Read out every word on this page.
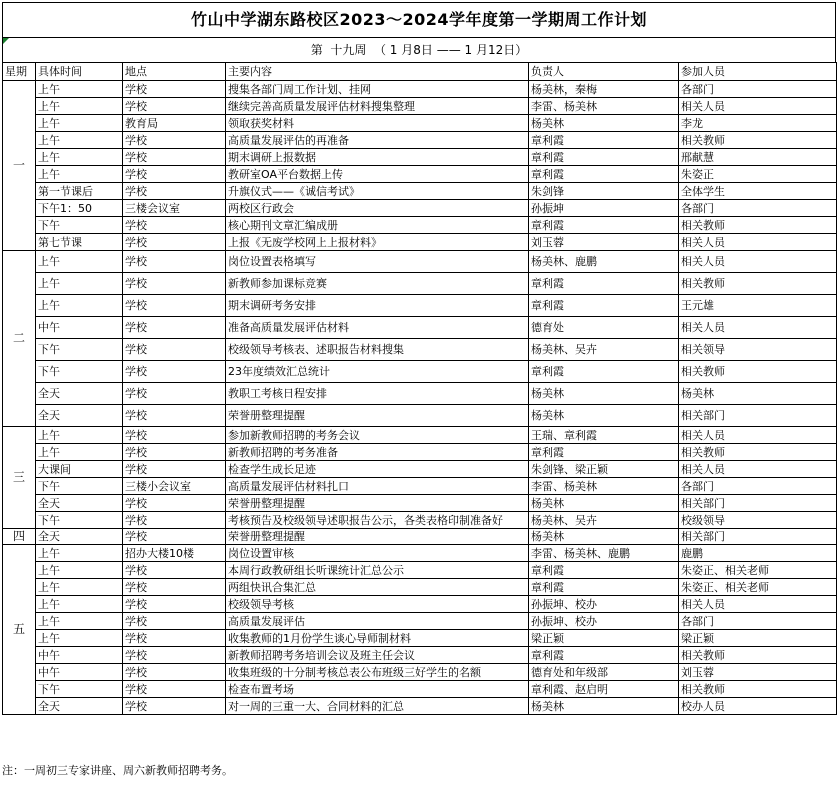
竹山中学湖东路校区2023～2024学年度第一学期周工作计划
第  十九周  （ 1 月8日 —— 1 月12日）
星期	具体时间	地点	主要内容	负责人	参加人员
一	上午	学校	搜集各部门周工作计划、挂网	杨美林，秦梅	各部门
	上午	学校	继续完善高质量发展评估材料搜集整理	李雷、杨美林	相关人员
	上午	教育局	领取获奖材料	杨美林	李龙
	上午	学校	高质量发展评估的再准备	章利霞	相关教师
	上午	学校	期末调研上报数据	章利霞	邢献慧
	上午	学校	教研室OA平台数据上传	章利霞	朱姿正
	第一节课后	学校	升旗仪式——《诚信考试》	朱剑锋	全体学生
	下午1：50	三楼会议室	两校区行政会	孙振坤	各部门
	下午	学校	核心期刊文章汇编成册	章利霞	相关教师
	第七节课	学校	上报《无废学校网上上报材料》	刘玉蓉	相关人员
二	上午	学校	岗位设置表格填写	杨美林、鹿鹏	相关人员
	上午	学校	新教师参加课标竞赛	章利霞	相关教师
	上午	学校	期末调研考务安排	章利霞	王元雄
	中午	学校	准备高质量发展评估材料	德育处	相关人员
	下午	学校	校级领导考核表、述职报告材料搜集	杨美林、吴卉	相关领导
	下午	学校	23年度绩效汇总统计	章利霞	相关教师
	全天	学校	教职工考核日程安排	杨美林	杨美林
	全天	学校	荣誉册整理提醒	杨美林	相关部门
三	上午	学校	参加新教师招聘的考务会议	王瑞、章利霞	相关人员
	上午	学校	新教师招聘的考务准备	章利霞	相关教师
	大课间	学校	检查学生成长足迹	朱剑锋、梁正颖	相关人员
	下午	三楼小会议室	高质量发展评估材料扎口	李雷、杨美林	各部门
	全天	学校	荣誉册整理提醒	杨美林	相关部门
	下午	学校	考核预告及校级领导述职报告公示，各类表格印制准备好	杨美林、吴卉	校级领导
四	全天	学校	荣誉册整理提醒	杨美林	相关部门
五	上午	招办大楼10楼	岗位设置审核	李雷、杨美林、鹿鹏	鹿鹏
	上午	学校	本周行政教研组长听课统计汇总公示	章利霞	朱姿正、相关老师
	上午	学校	两组快讯合集汇总	章利霞	朱姿正、相关老师
	上午	学校	校级领导考核	孙振坤、校办	相关人员
	上午	学校	高质量发展评估	孙振坤、校办	各部门
	上午	学校	收集教师的1月份学生谈心导师制材料	梁正颖	梁正颖
	中午	学校	新教师招聘考务培训会议及班主任会议	章利霞	相关教师
	中午	学校	收集班级的十分制考核总表公布班级三好学生的名额	德育处和年级部	刘玉蓉
	下午	学校	检查布置考场	章利霞、赵启明	相关教师
	全天	学校	对一周的三重一大、合同材料的汇总	杨美林	校办人员
注：一周初三专家讲座、周六新教师招聘考务。
